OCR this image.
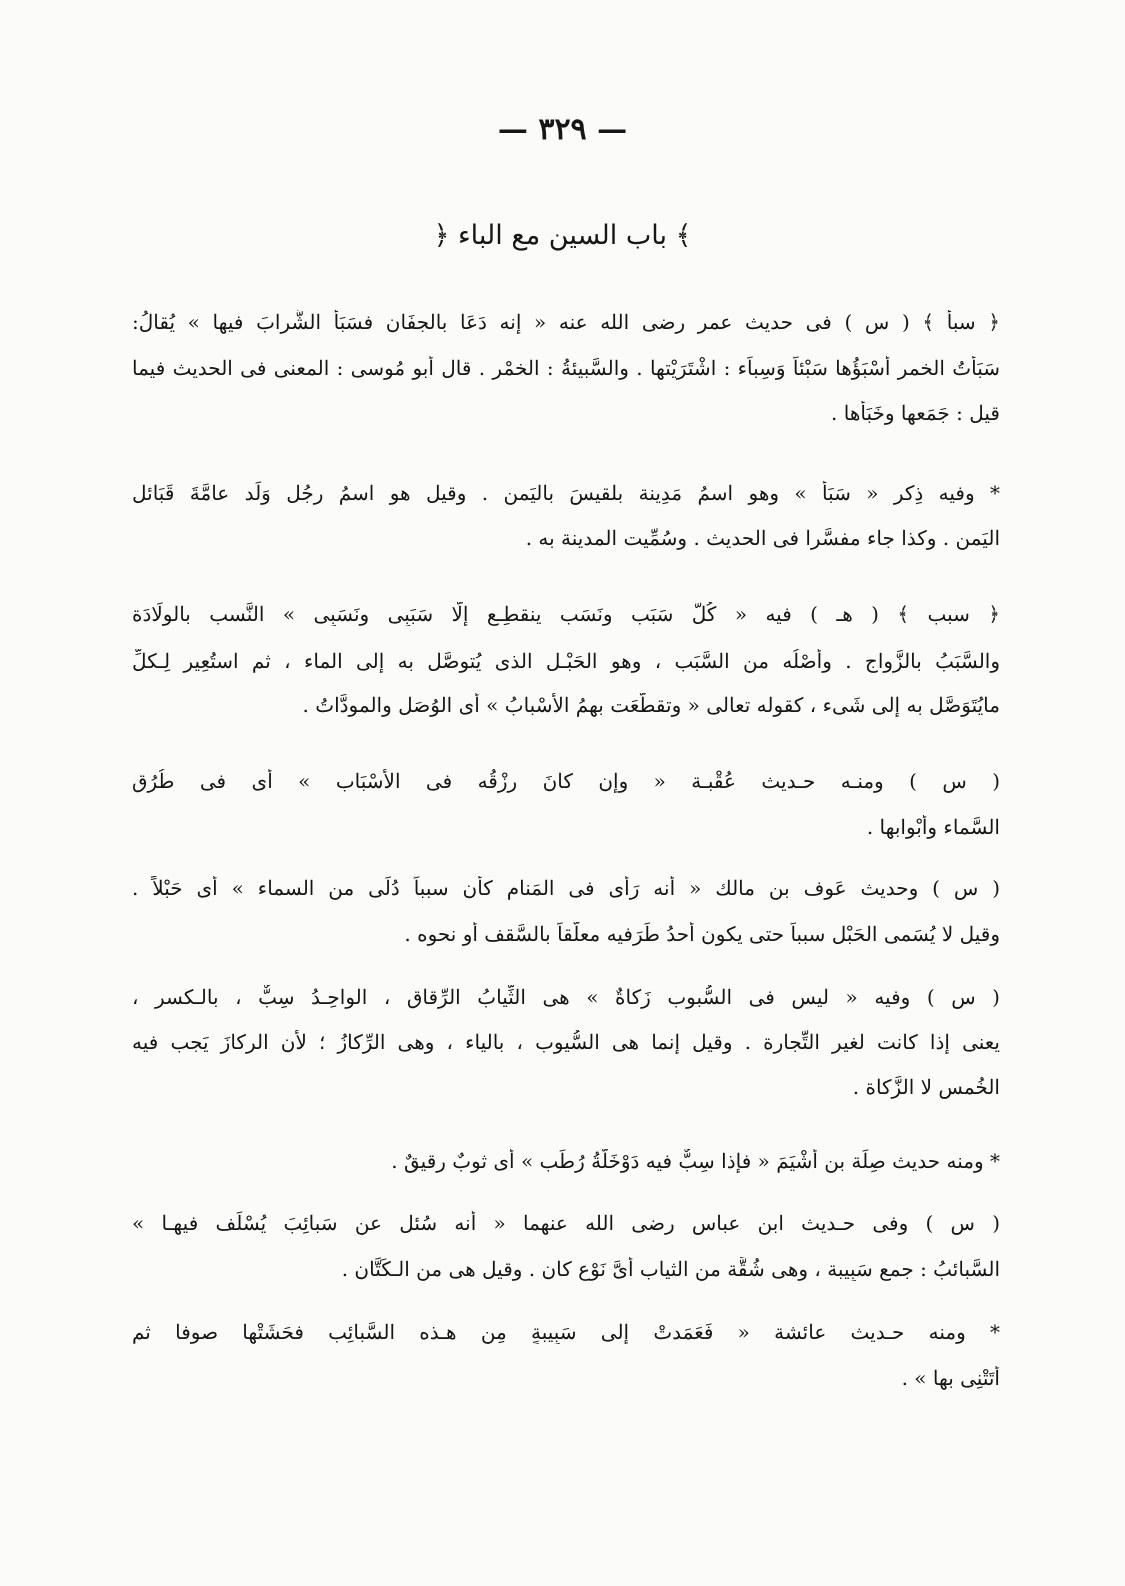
— ٣٢٩ —
﴿ باب السين مع الباء ﴾
﴿ سبأ ﴾ ( س ) فى حديث عمر رضى الله عنه « إنه دَعَا بالجفَان فسَبَأَ الشَّرابَ فيها » يُقالُ:
سَبَأْتُ الخمر أسْبَؤُها سَبْئاً وَسِباَء : اشْتَرَيْتها . والسَّبيئةُ : الخمْر . قال أبو مُوسى : المعنى فى الحديث فيما
قيل : جَمَعها وخَبَأها .
* وفيه ذِكر « سَبَأ » وهو اسمُ مَدِينة بلقيسَ باليَمن . وقيل هو اسمُ رجُل وَلَد عامَّةَ قَبَائل
اليَمن . وكذا جاء مفسَّرا فى الحديث . وسُمِّيت المدينة به .
﴿ سبب ﴾ ( هـ ) فيه « كُلُّ سَبَب ونَسَب ينقطِـع إلَّا سَبَبِى ونَسَبِى » النَّسب بالوِلَادَة
والسَّبَبُ بالزَّواج . وأصْلُه من السَّبَب ، وهو الحَبْـل الذى يُتوصَّل به إلى الماء ، ثم استُعِير لِـكلِّ
مايُتَوَصَّل به إلى شَىء ، كقوله تعالى « وتقطَّعَت بهمُ الأسْبابُ » أى الوُصَل والمودَّاتُ .
( س ) ومنـه حـديث عُقْبـة « وإن كانَ رِزْقُه فى الأسْبَاب » أى فى طُرُق
السَّماء وأبْوابها .
( س ) وحديث عَوف بن مالك « أنه رَأَى فى المَنام كأن سبباً دُلِّى من السماء » أى حَبْلاً .
وقيل لا يُسَمى الحَبْل سبباً حتى يكون أحدُ طَرَفيه معلَّقاً بالسَّقف أو نحوه .
( س ) وفيه « ليس فى السُّبوب زَكاةٌ » هى الثِّيابُ الرِّقاق ، الواحِـدُ سِبٌّ ، بالـكسر ،
يعنى إذا كانت لغير التِّجارة . وقيل إنما هى السُّيوب ، بالياء ، وهى الرِّكازُ ؛ لأن الرِكازَ يَجب فيه
الخُمس لا الزَّكاة .
* ومنه حديث صِلَة بن أشْيَمَ « فإذا سِبٌّ فيه دَوْخَلَّةُ رُطَب » أى ثوبٌ رقيقٌ .
( س ) وفى حـديث ابن عباس رضى الله عنهما « أنه سُئل عن سَبائِبَ يُسْلَف فيهـا »
السَّبائبُ : جمع سَبِيبة ، وهى شُقَّة من الثياب أىَّ نَوْع كان . وقيل هى من الـكَتَّانِ .
* ومنه حـديث عائشة « فَعَمَدتْ إلى سَبِيبةٍ مِن هـذه السَّبائِب فحَشَتْها صوفا ثم
أتَتْنِى بها » .
